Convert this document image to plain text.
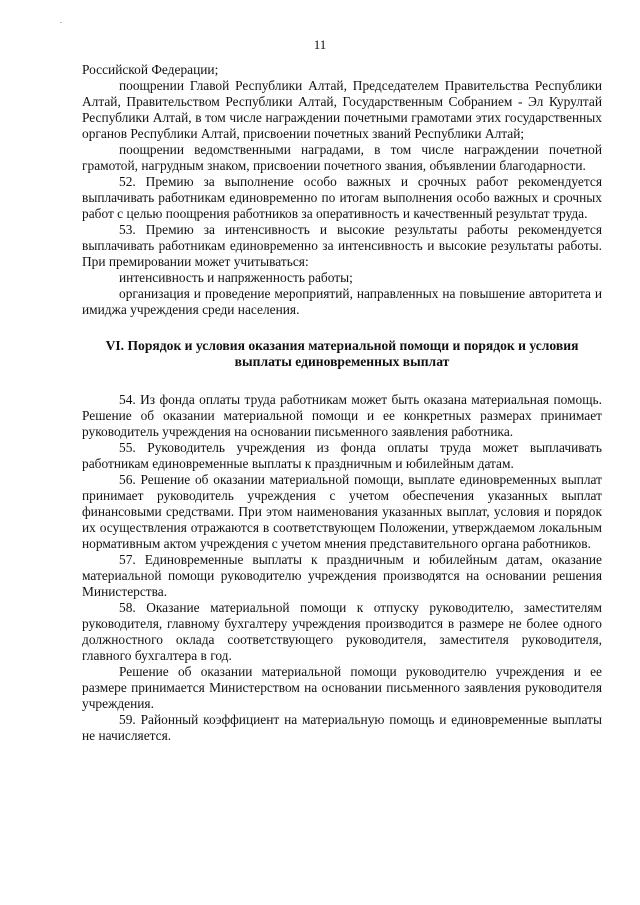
11

Российской Федерации;

поощрении Главой Республики Алтай, Председателем Правительства Республики Алтай, Правительством Республики Алтай, Государственным Собранием - Эл Курултай Республики Алтай, в том числе награждении почетными грамотами этих государственных органов Республики Алтай, присвоении почетных званий Республики Алтай;

поощрении ведомственными наградами, в том числе награждении почетной грамотой, нагрудным знаком, присвоении почетного звания, объявлении благодарности.

52. Премию за выполнение особо важных и срочных работ рекомендуется выплачивать работникам единовременно по итогам выполнения особо важных и срочных работ с целью поощрения работников за оперативность и качественный результат труда.

53. Премию за интенсивность и высокие результаты работы рекомендуется выплачивать работникам единовременно за интенсивность и высокие результаты работы. При премировании может учитываться:

интенсивность и напряженность работы;

организация и проведение мероприятий, направленных на повышение авторитета и имиджа учреждения среди населения.

VI. Порядок и условия оказания материальной помощи и порядок и условия
выплаты единовременных выплат

54. Из фонда оплаты труда работникам может быть оказана материальная помощь. Решение об оказании материальной помощи и ее конкретных размерах принимает руководитель учреждения на основании письменного заявления работника.

55. Руководитель учреждения из фонда оплаты труда может выплачивать работникам единовременные выплаты к праздничным и юбилейным датам.

56. Решение об оказании материальной помощи, выплате единовременных выплат принимает руководитель учреждения с учетом обеспечения указанных выплат финансовыми средствами. При этом наименования указанных выплат, условия и порядок их осуществления отражаются в соответствующем Положении, утверждаемом локальным нормативным актом учреждения с учетом мнения представительного органа работников.

57. Единовременные выплаты к праздничным и юбилейным датам, оказание материальной помощи руководителю учреждения производятся на основании решения Министерства.

58. Оказание материальной помощи к отпуску руководителю, заместителям руководителя, главному бухгалтеру учреждения производится в размере не более одного должностного оклада соответствующего руководителя, заместителя руководителя, главного бухгалтера в год.

Решение об оказании материальной помощи руководителю учреждения и ее размере принимается Министерством на основании письменного заявления руководителя учреждения.

59. Районный коэффициент на материальную помощь и единовременные выплаты не начисляется.
